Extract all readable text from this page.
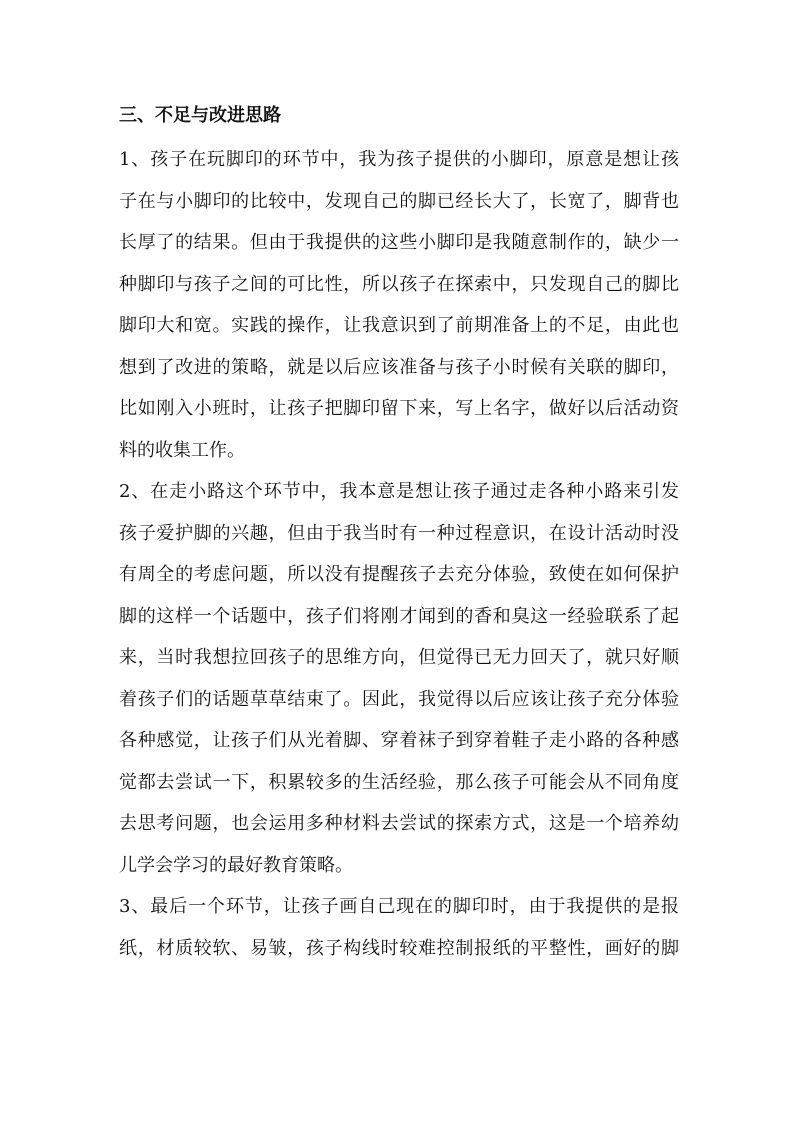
三、不足与改进思路

1、孩子在玩脚印的环节中，我为孩子提供的小脚印，原意是想让孩
子在与小脚印的比较中，发现自己的脚已经长大了，长宽了，脚背也
长厚了的结果。但由于我提供的这些小脚印是我随意制作的，缺少一
种脚印与孩子之间的可比性，所以孩子在探索中，只发现自己的脚比
脚印大和宽。实践的操作，让我意识到了前期准备上的不足，由此也
想到了改进的策略，就是以后应该准备与孩子小时候有关联的脚印，
比如刚入小班时，让孩子把脚印留下来，写上名字，做好以后活动资
料的收集工作。

2、在走小路这个环节中，我本意是想让孩子通过走各种小路来引发
孩子爱护脚的兴趣，但由于我当时有一种过程意识，在设计活动时没
有周全的考虑问题，所以没有提醒孩子去充分体验，致使在如何保护
脚的这样一个话题中，孩子们将刚才闻到的香和臭这一经验联系了起
来，当时我想拉回孩子的思维方向，但觉得已无力回天了，就只好顺
着孩子们的话题草草结束了。因此，我觉得以后应该让孩子充分体验
各种感觉，让孩子们从光着脚、穿着袜子到穿着鞋子走小路的各种感
觉都去尝试一下，积累较多的生活经验，那么孩子可能会从不同角度
去思考问题，也会运用多种材料去尝试的探索方式，这是一个培养幼
儿学会学习的最好教育策略。

3、最后一个环节，让孩子画自己现在的脚印时，由于我提供的是报
纸，材质较软、易皱，孩子构线时较难控制报纸的平整性，画好的脚
